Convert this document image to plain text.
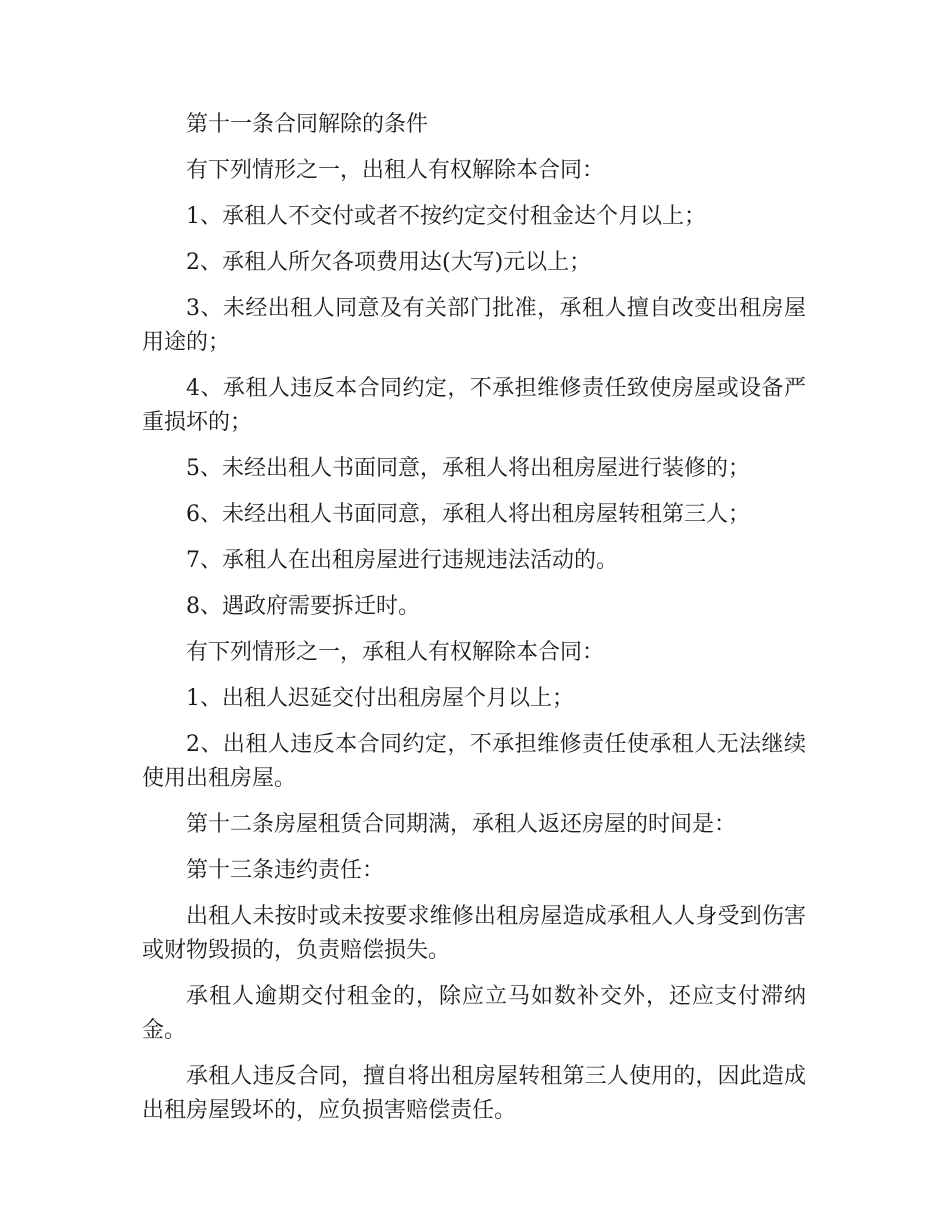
第十一条合同解除的条件

有下列情形之一，出租人有权解除本合同：

1、承租人不交付或者不按约定交付租金达个月以上；

2、承租人所欠各项费用达(大写)元以上；

3、未经出租人同意及有关部门批准，承租人擅自改变出租房屋用途的；

4、承租人违反本合同约定，不承担维修责任致使房屋或设备严重损坏的；

5、未经出租人书面同意，承租人将出租房屋进行装修的；

6、未经出租人书面同意，承租人将出租房屋转租第三人；

7、承租人在出租房屋进行违规违法活动的。

8、遇政府需要拆迁时。

有下列情形之一，承租人有权解除本合同：

1、出租人迟延交付出租房屋个月以上；

2、出租人违反本合同约定，不承担维修责任使承租人无法继续使用出租房屋。

第十二条房屋租赁合同期满，承租人返还房屋的时间是：

第十三条违约责任：

出租人未按时或未按要求维修出租房屋造成承租人人身受到伤害或财物毁损的，负责赔偿损失。

承租人逾期交付租金的，除应立马如数补交外，还应支付滞纳金。

承租人违反合同，擅自将出租房屋转租第三人使用的，因此造成出租房屋毁坏的，应负损害赔偿责任。
